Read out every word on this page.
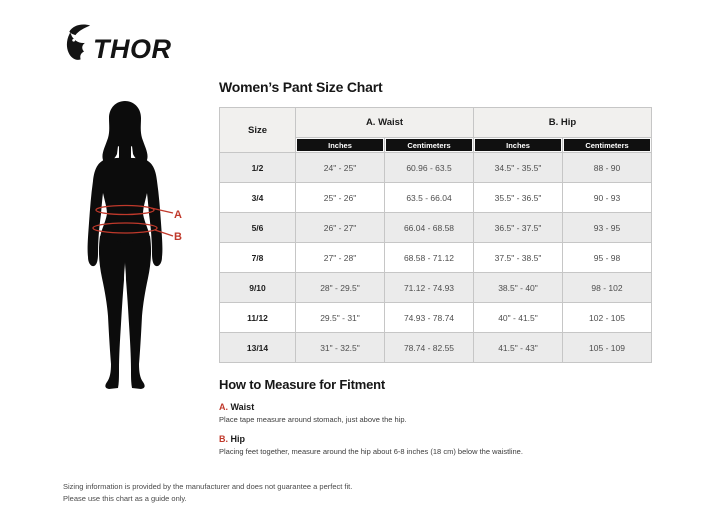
THOR
A
B
Women’s Pant Size Chart
Size	A. Waist		B. Hip	
	Inches	Centimeters	Inches	Centimeters
1/2	24" - 25"	60.96 - 63.5	34.5" - 35.5"	88 - 90
3/4	25" - 26"	63.5 - 66.04	35.5" - 36.5"	90 - 93
5/6	26" - 27"	66.04 - 68.58	36.5" - 37.5"	93 - 95
7/8	27" - 28"	68.58 - 71.12	37.5" - 38.5"	95 - 98
9/10	28" - 29.5"	71.12 - 74.93	38.5" - 40"	98 - 102
11/12	29.5" - 31"	74.93 - 78.74	40" - 41.5"	102 - 105
13/14	31" - 32.5"	78.74 - 82.55	41.5" - 43"	105 - 109
How to Measure for Fitment
A. Waist
Place tape measure around stomach, just above the hip.
B. Hip
Placing feet together, measure around the hip about 6-8 inches (18 cm) below the waistline.
Sizing information is provided by the manufacturer and does not guarantee a perfect fit.
Please use this chart as a guide only.
